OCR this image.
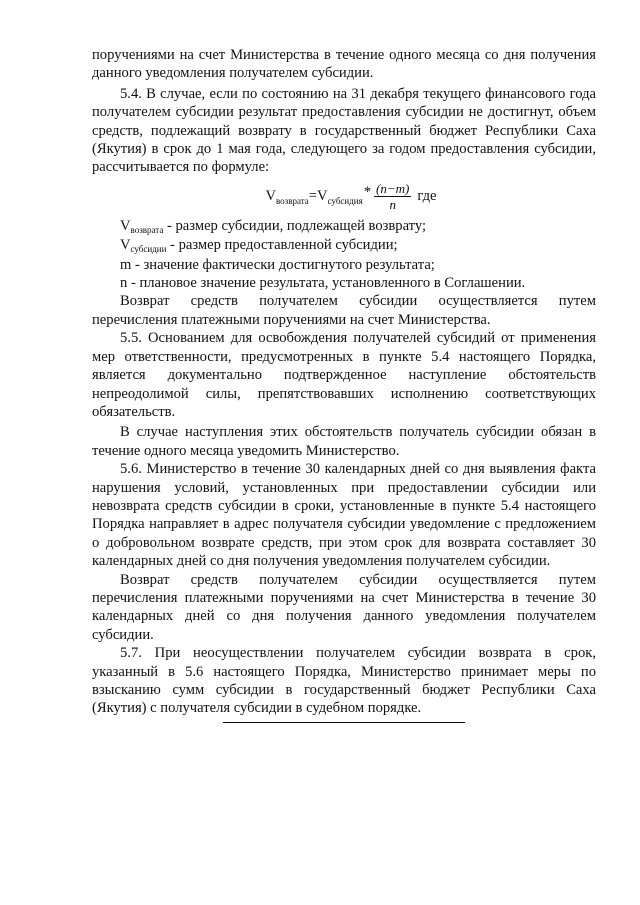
поручениями на счет Министерства в течение одного месяца со дня получения данного уведомления получателем субсидии.

5.4. В случае, если по состоянию на 31 декабря текущего финансового года получателем субсидии результат предоставления субсидии не достигнут, объем средств, подлежащий возврату в государственный бюджет Республики Саха (Якутия) в срок до 1 мая года, следующего за годом предоставления субсидии, рассчитывается по формуле:

$V_{возврата} = V_{субсидия}$
* $\frac{(n-m)}{n}$ где

$V_{возврата}$ - размер субсидии, подлежащей возврату;

$V_{субсидии}$ - размер предоставленной субсидии;

m - значение фактически достигнутого результата;

n - плановое значение результата, установленного в Соглашении.

Возврат средств получателем субсидии осуществляется путем перечисления платежными поручениями на счет Министерства.

5.5. Основанием для освобождения получателей субсидий от применения мер ответственности, предусмотренных в пункте 5.4 настоящего Порядка, является документально подтвержденное наступление обстоятельств непреодолимой силы, препятствовавших исполнению соответствующих обязательств.

В случае наступления этих обстоятельств получатель субсидии обязан в течение одного месяца уведомить Министерство.

5.6. Министерство в течение 30 календарных дней со дня выявления факта нарушения условий, установленных при предоставлении субсидии или невозврата средств субсидии в сроки, установленные в пункте 5.4 настоящего Порядка направляет в адрес получателя субсидии уведомление с предложением о добровольном возврате средств, при этом срок для возврата составляет 30 календарных дней со дня получения уведомления получателем субсидии.

Возврат средств получателем субсидии осуществляется путем перечисления платежными поручениями на счет Министерства в течение 30 календарных дней со дня получения данного уведомления получателем субсидии.

5.7. При неосуществлении получателем субсидии возврата в срок, указанный в 5.6 настоящего Порядка, Министерство принимает меры по взысканию сумм субсидии в государственный бюджет Республики Саха (Якутия) с получателя субсидии в судебном порядке.
